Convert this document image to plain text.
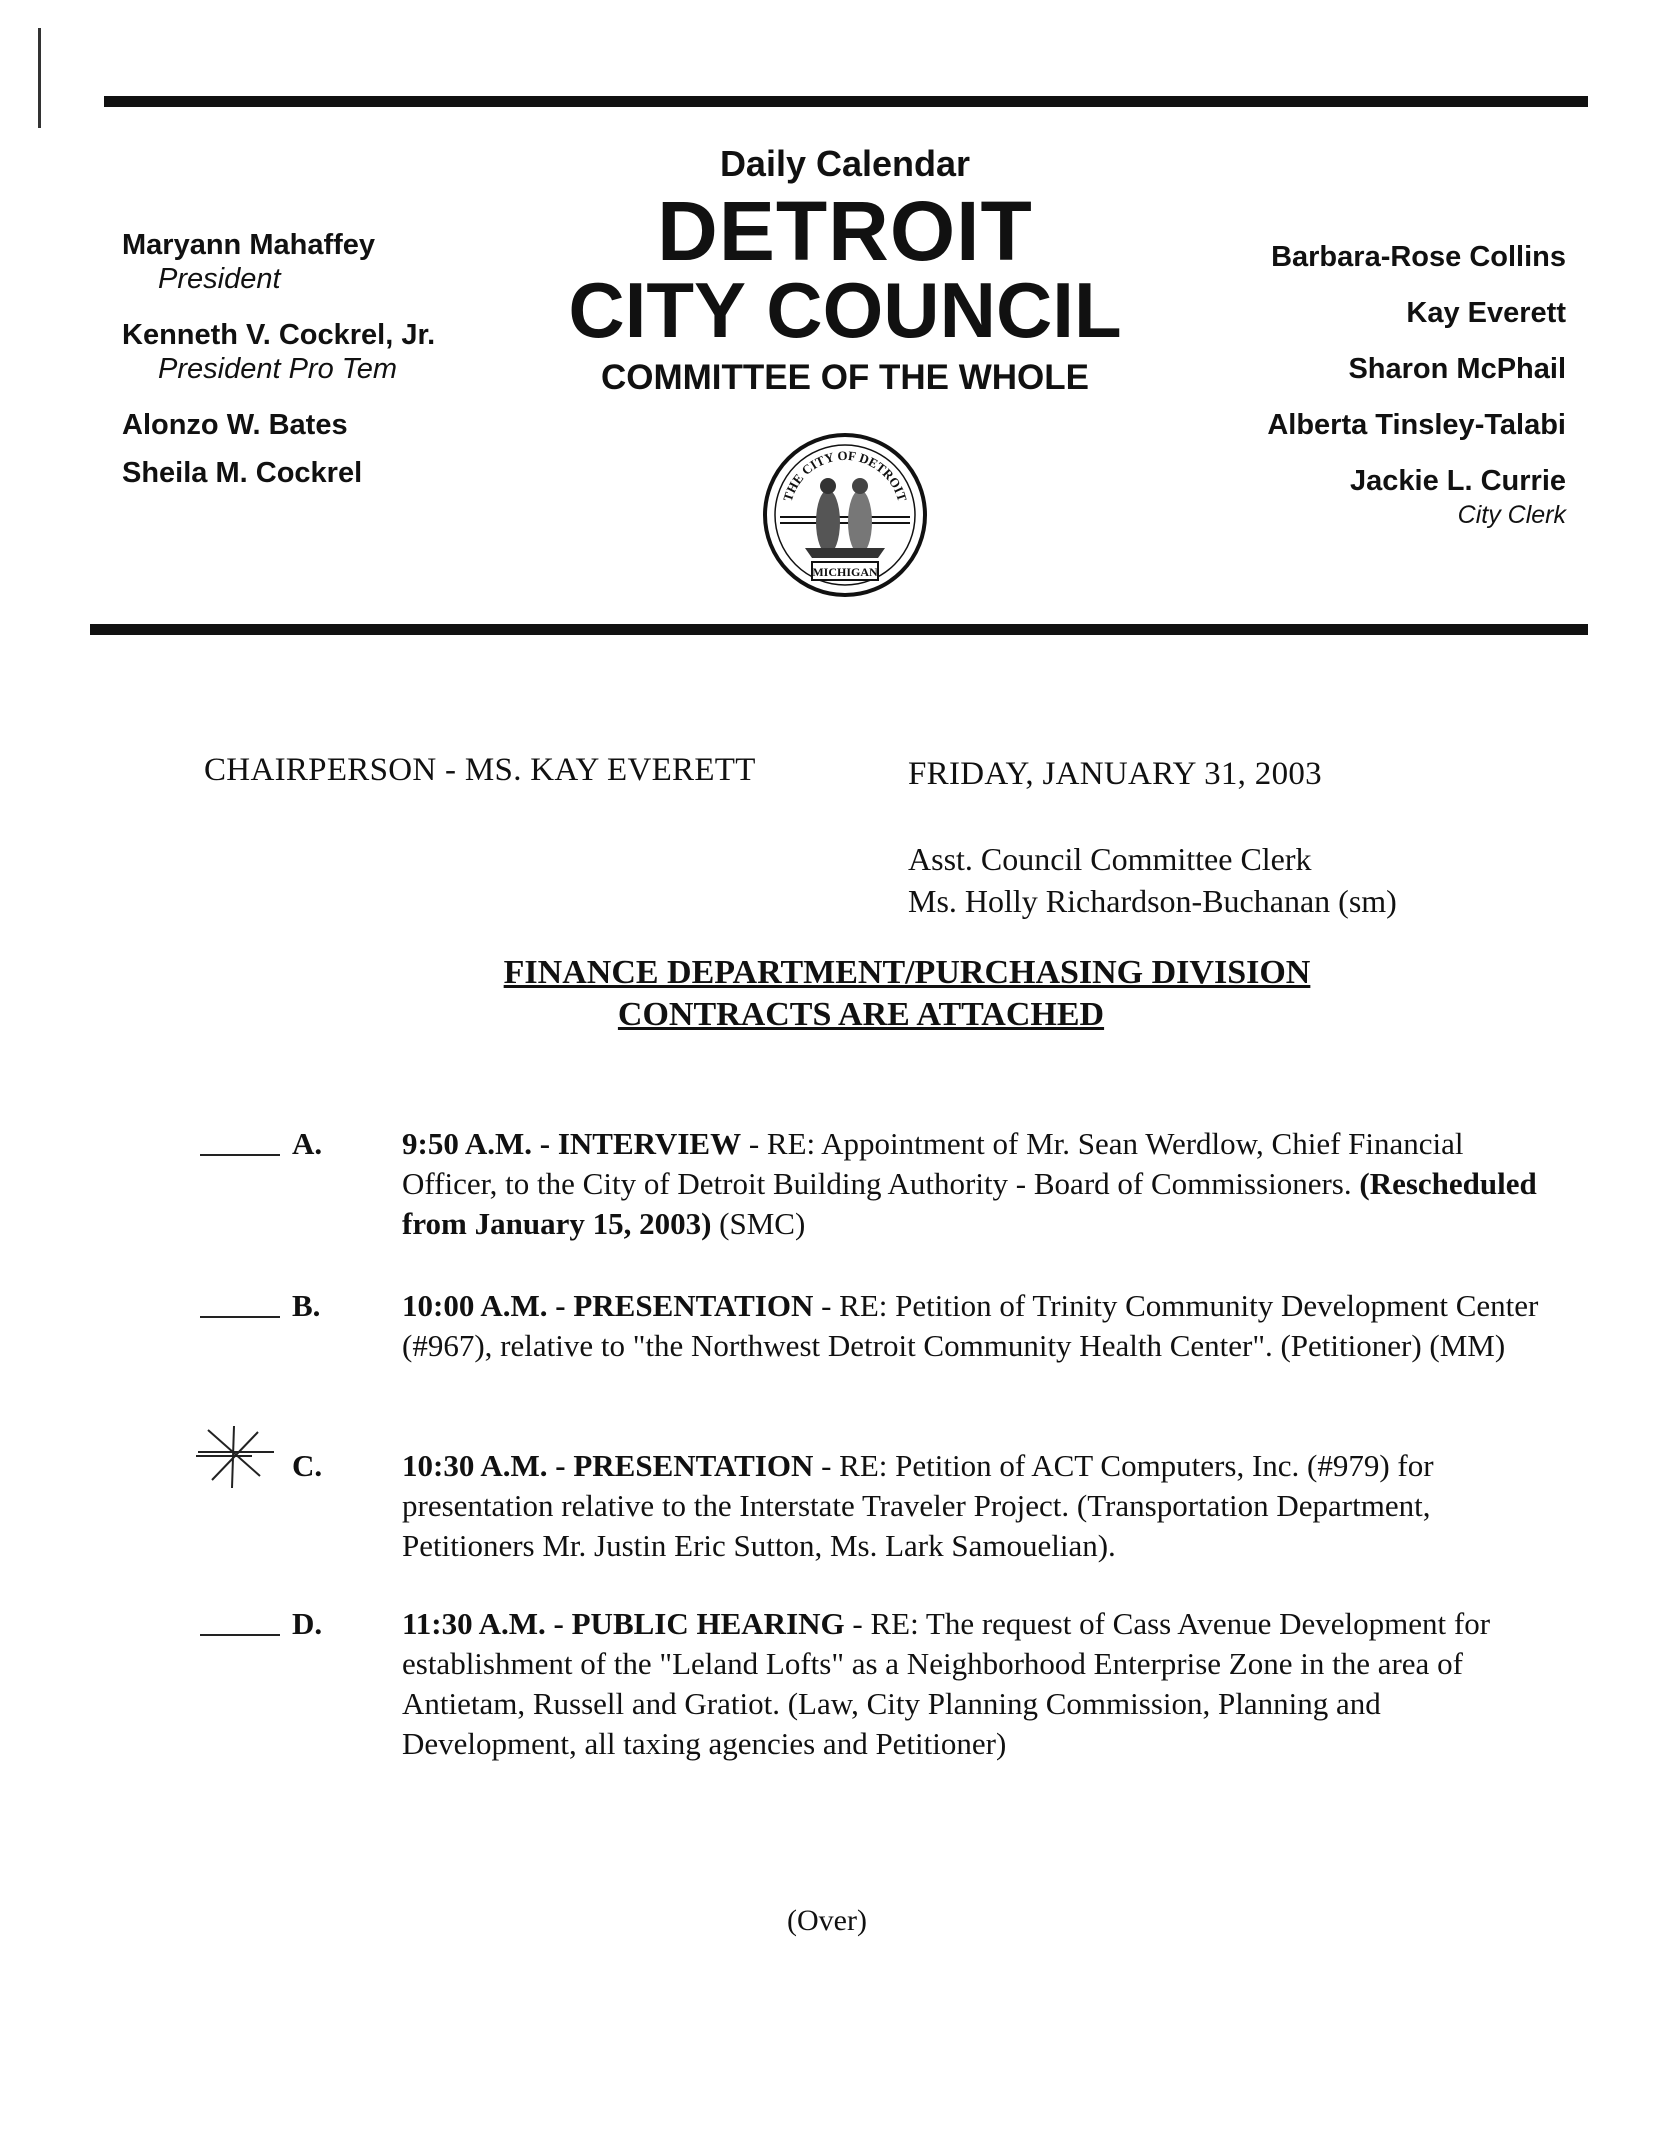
Maryann Mahaffey
President
Kenneth V. Cockrel, Jr.
President Pro Tem
Alonzo W. Bates
Sheila M. Cockrel
Daily Calendar
DETROIT
CITY COUNCIL
COMMITTEE OF THE WHOLE
THE CITY OF DETROIT
MICHIGAN
Barbara-Rose Collins
Kay Everett
Sharon McPhail
Alberta Tinsley-Talabi
Jackie L. Currie
City Clerk
CHAIRPERSON - MS. KAY EVERETT	FRIDAY, JANUARY 31, 2003
Asst. Council Committee Clerk
Ms. Holly Richardson-Buchanan (sm)
FINANCE DEPARTMENT/PURCHASING DIVISION
CONTRACTS ARE ATTACHED
A.	9:50 A.M. - INTERVIEW - RE: Appointment of Mr. Sean Werdlow, Chief Financial Officer, to the City of Detroit Building Authority - Board of Commissioners. (Rescheduled from January 15, 2003) (SMC)
B.	10:00 A.M. - PRESENTATION - RE: Petition of Trinity Community Development Center (#967), relative to "the Northwest Detroit Community Health Center". (Petitioner) (MM)
C.	10:30 A.M. - PRESENTATION - RE: Petition of ACT Computers, Inc. (#979) for presentation relative to the Interstate Traveler Project. (Transportation Department, Petitioners Mr. Justin Eric Sutton, Ms. Lark Samouelian).
D.	11:30 A.M. - PUBLIC HEARING - RE: The request of Cass Avenue Development for establishment of the "Leland Lofts" as a Neighborhood Enterprise Zone in the area of Antietam, Russell and Gratiot. (Law, City Planning Commission, Planning and Development, all taxing agencies and Petitioner)
(Over)
